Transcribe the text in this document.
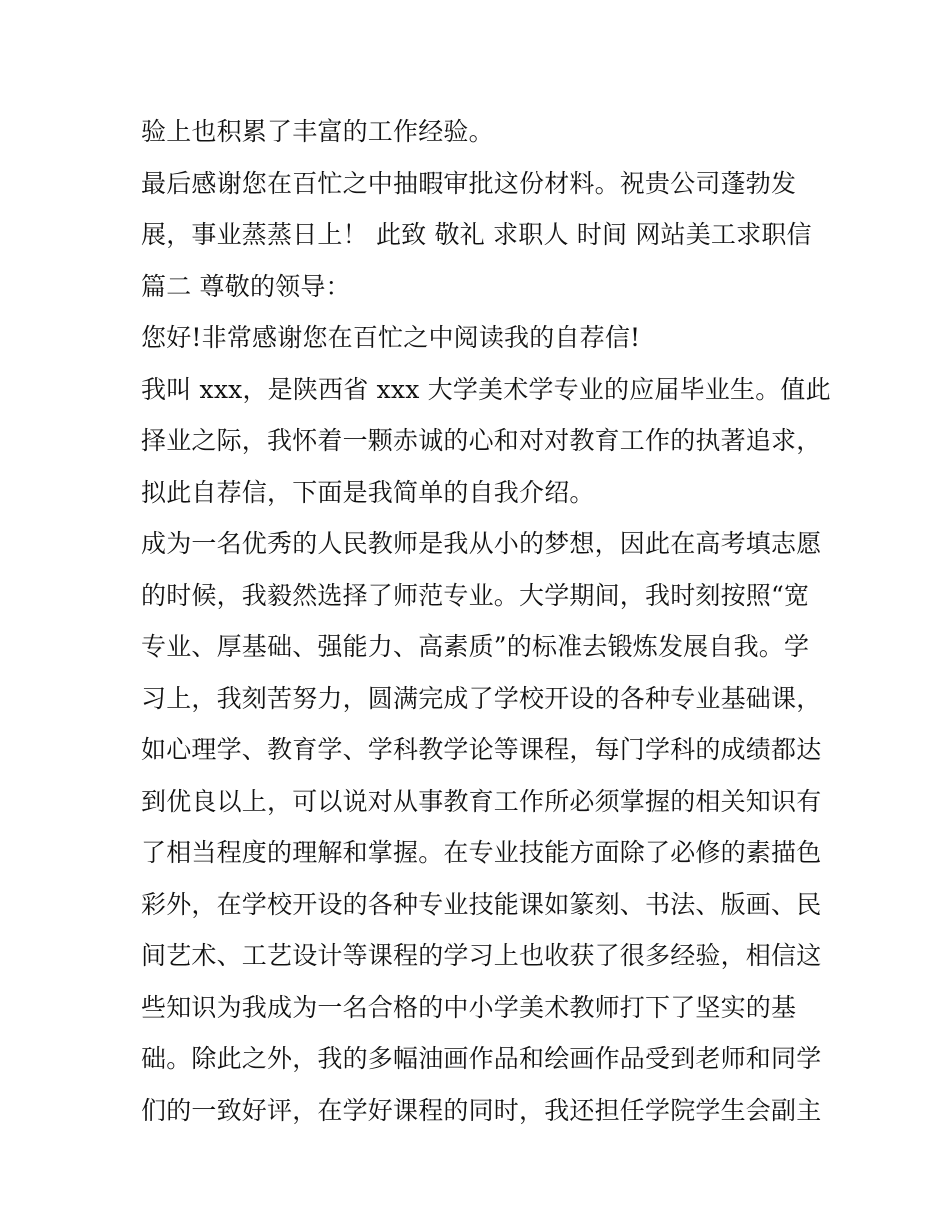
验上也积累了丰富的工作经验。
最后感谢您在百忙之中抽暇审批这份材料。祝贵公司蓬勃发
展，事业蒸蒸日上！ 此致 敬礼 求职人 时间 网站美工求职信
篇二 尊敬的领导：
您好!非常感谢您在百忙之中阅读我的自荐信!
我叫 xxx，是陕西省 xxx 大学美术学专业的应届毕业生。值此
择业之际，我怀着一颗赤诚的心和对对教育工作的执著追求，
拟此自荐信，下面是我简单的自我介绍。
成为一名优秀的人民教师是我从小的梦想，因此在高考填志愿
的时候，我毅然选择了师范专业。大学期间，我时刻按照“宽
专业、厚基础、强能力、高素质”的标准去锻炼发展自我。学
习上，我刻苦努力，圆满完成了学校开设的各种专业基础课，
如心理学、教育学、学科教学论等课程，每门学科的成绩都达
到优良以上，可以说对从事教育工作所必须掌握的相关知识有
了相当程度的理解和掌握。在专业技能方面除了必修的素描色
彩外，在学校开设的各种专业技能课如篆刻、书法、版画、民
间艺术、工艺设计等课程的学习上也收获了很多经验，相信这
些知识为我成为一名合格的中小学美术教师打下了坚实的基
础。除此之外，我的多幅油画作品和绘画作品受到老师和同学
们的一致好评，在学好课程的同时，我还担任学院学生会副主
